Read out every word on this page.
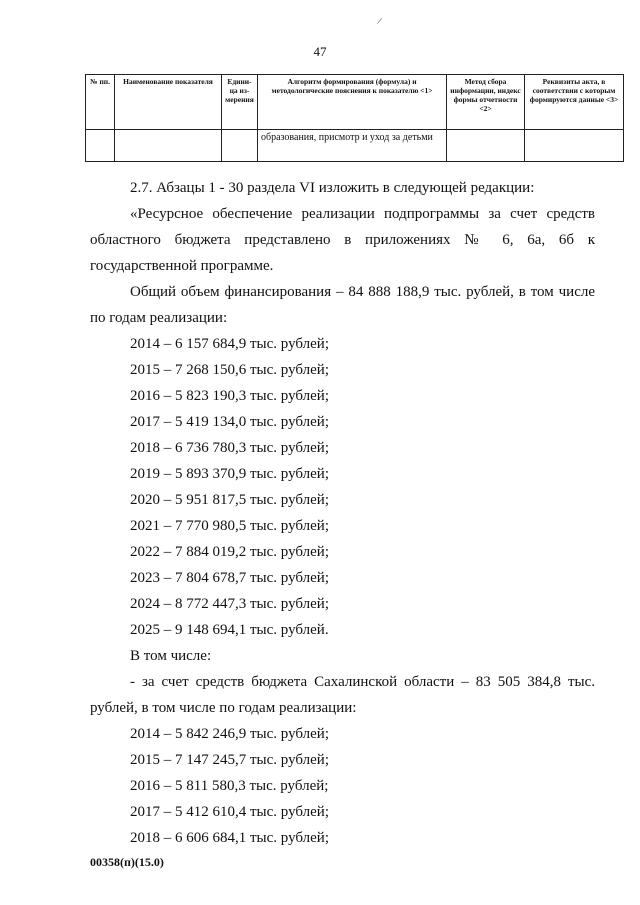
/
47
№ пп.	Наименование показателя	Единица измерения	Алгоритм формирования (формула) и методологические пояснения к показателю <1>	Метод сбора информации, индекс формы отчетности <2>	Реквизиты акта, в соответствии с которым формируются данные <3>
			образования, присмотр и уход за детьми		

2.7. Абзацы 1 - 30 раздела VI изложить в следующей редакции:

«Ресурсное обеспечение реализации подпрограммы за счет средств областного бюджета представлено в приложениях № 6, 6а, 6б к государственной программе.

Общий объем финансирования – 84 888 188,9 тыс. рублей, в том числе по годам реализации:

2014 – 6 157 684,9 тыс. рублей;

2015 – 7 268 150,6 тыс. рублей;

2016 – 5 823 190,3 тыс. рублей;

2017 – 5 419 134,0 тыс. рублей;

2018 – 6 736 780,3 тыс. рублей;

2019 – 5 893 370,9 тыс. рублей;

2020 – 5 951 817,5 тыс. рублей;

2021 – 7 770 980,5 тыс. рублей;

2022 – 7 884 019,2 тыс. рублей;

2023 – 7 804 678,7 тыс. рублей;

2024 – 8 772 447,3 тыс. рублей;

2025 – 9 148 694,1 тыс. рублей.

В том числе:

- за счет средств бюджета Сахалинской области – 83 505 384,8 тыс. рублей, в том числе по годам реализации:

2014 – 5 842 246,9 тыс. рублей;

2015 – 7 147 245,7 тыс. рублей;

2016 – 5 811 580,3 тыс. рублей;

2017 – 5 412 610,4 тыс. рублей;

2018 – 6 606 684,1 тыс. рублей;

00358(п)(15.0)
